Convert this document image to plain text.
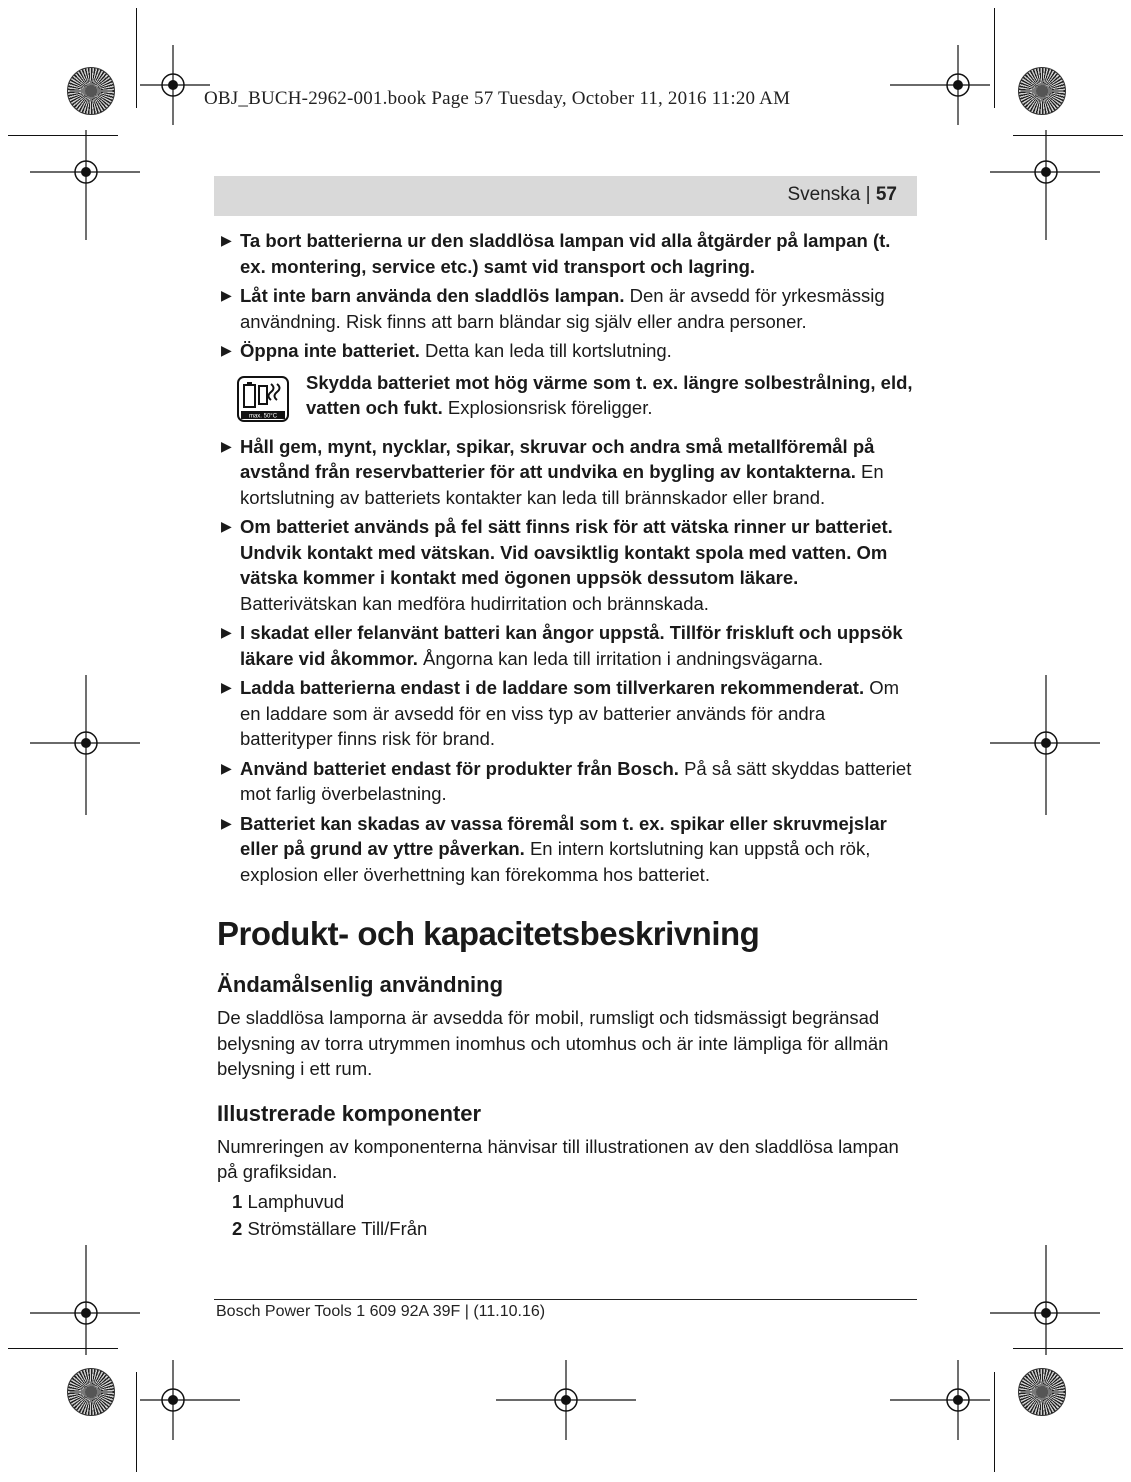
OBJ_BUCH-2962-001.book Page 57 Tuesday, October 11, 2016 11:20 AM
Svenska | 57
▶ Ta bort batterierna ur den sladdlösa lampan vid alla åtgärder på lampan (t. ex. montering, service etc.) samt vid transport och lagring.
▶ Låt inte barn använda den sladdlös lampan. Den är avsedd för yrkesmässig användning. Risk finns att barn bländar sig själv eller andra personer.
▶ Öppna inte batteriet. Detta kan leda till kortslutning.
max. 50°C
Skydda batteriet mot hög värme som t. ex. längre solbestrålning, eld, vatten och fukt. Explosionsrisk föreligger.
▶ Håll gem, mynt, nycklar, spikar, skruvar och andra små metallföremål på avstånd från reservbatterier för att undvika en bygling av kontakterna. En kortslutning av batteriets kontakter kan leda till brännskador eller brand.
▶ Om batteriet används på fel sätt finns risk för att vätska rinner ur batteriet. Undvik kontakt med vätskan. Vid oavsiktlig kontakt spola med vatten. Om vätska kommer i kontakt med ögonen uppsök dessutom läkare. Batterivätskan kan medföra hudirritation och brännskada.
▶ I skadat eller felanvänt batteri kan ångor uppstå. Tillför friskluft och uppsök läkare vid åkommor. Ångorna kan leda till irritation i andningsvägarna.
▶ Ladda batterierna endast i de laddare som tillverkaren rekommenderat. Om en laddare som är avsedd för en viss typ av batterier används för andra batterityper finns risk för brand.
▶ Använd batteriet endast för produkter från Bosch. På så sätt skyddas batteriet mot farlig överbelastning.
▶ Batteriet kan skadas av vassa föremål som t. ex. spikar eller skruvmejslar eller på grund av yttre påverkan. En intern kortslutning kan uppstå och rök, explosion eller överhettning kan förekomma hos batteriet.
Produkt- och kapacitetsbeskrivning
Ändamålsenlig användning

De sladdlösa lamporna är avsedda för mobil, rumsligt och tidsmässigt begränsad belysning av torra utrymmen inomhus och utomhus och är inte lämpliga för allmän belysning i ett rum.

Illustrerade komponenter

Numreringen av komponenterna hänvisar till illustrationen av den sladdlösa lampan på grafiksidan.

1 Lamphuvud
2 Strömställare Till/Från
Bosch Power Tools 1 609 92A 39F | (11.10.16)
